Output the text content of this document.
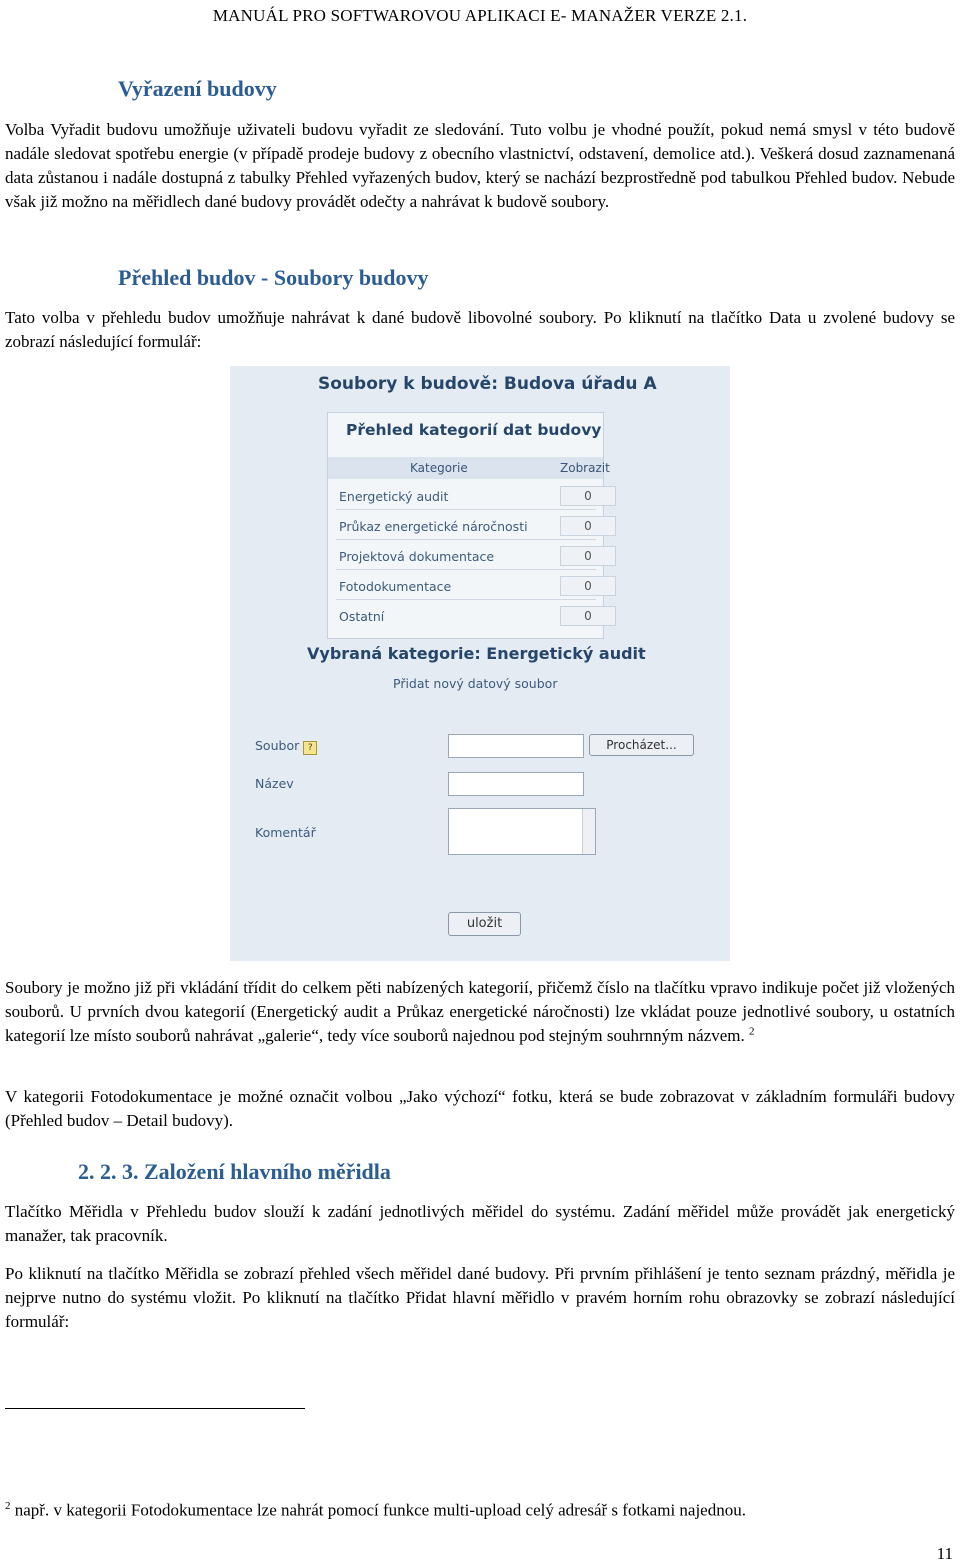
MANUÁL PRO SOFTWAROVOU APLIKACI E- MANAŽER VERZE 2.1.
Vyřazení budovy
Volba Vyřadit budovu umožňuje uživateli budovu vyřadit ze sledování. Tuto volbu je vhodné použít, pokud nemá smysl v této budově nadále sledovat spotřebu energie (v případě prodeje budovy z obecního vlastnictví, odstavení, demolice atd.). Veškerá dosud zaznamenaná data zůstanou i nadále dostupná z tabulky Přehled vyřazených budov, který se nachází bezprostředně pod tabulkou Přehled budov. Nebude však již možno na měřidlech dané budovy provádět odečty a nahrávat k budově soubory.
Přehled budov - Soubory budovy
Tato volba v přehledu budov umožňuje nahrávat k dané budově libovolné soubory. Po kliknutí na tlačítko Data u zvolené budovy se zobrazí následující formulář:
Soubory k budově: Budova úřadu A
Přehled kategorií dat budovy
Kategorie	Zobrazit
Energetický audit	0
Průkaz energetické náročnosti	0
Projektová dokumentace	0
Fotodokumentace	0
Ostatní	0
Vybraná kategorie: Energetický audit
Přidat nový datový soubor
Soubor ?	Procházet...
Název
Komentář
uložit
Soubory je možno již při vkládání třídit do celkem pěti nabízených kategorií, přičemž číslo na tlačítku vpravo indikuje počet již vložených souborů. U prvních dvou kategorií (Energetický audit a Průkaz energetické náročnosti) lze vkládat pouze jednotlivé soubory, u ostatních kategorií lze místo souborů nahrávat „galerie“, tedy více souborů najednou pod stejným souhrnným názvem. $^2$
V kategorii Fotodokumentace je možné označit volbou „Jako výchozí“ fotku, která se bude zobrazovat v základním formuláři budovy (Přehled budov – Detail budovy).
2. 2. 3. Založení hlavního měřidla
Tlačítko Měřidla v Přehledu budov slouží k zadání jednotlivých měřidel do systému. Zadání měřidel může provádět jak energetický manažer, tak pracovník.
Po kliknutí na tlačítko Měřidla se zobrazí přehled všech měřidel dané budovy. Při prvním přihlášení je tento seznam prázdný, měřidla je nejprve nutno do systému vložit. Po kliknutí na tlačítko Přidat hlavní měřidlo v pravém horním rohu obrazovky se zobrazí následující formulář:
$^2$ např. v kategorii Fotodokumentace lze nahrát pomocí funkce multi-upload celý adresář s fotkami najednou.
11
